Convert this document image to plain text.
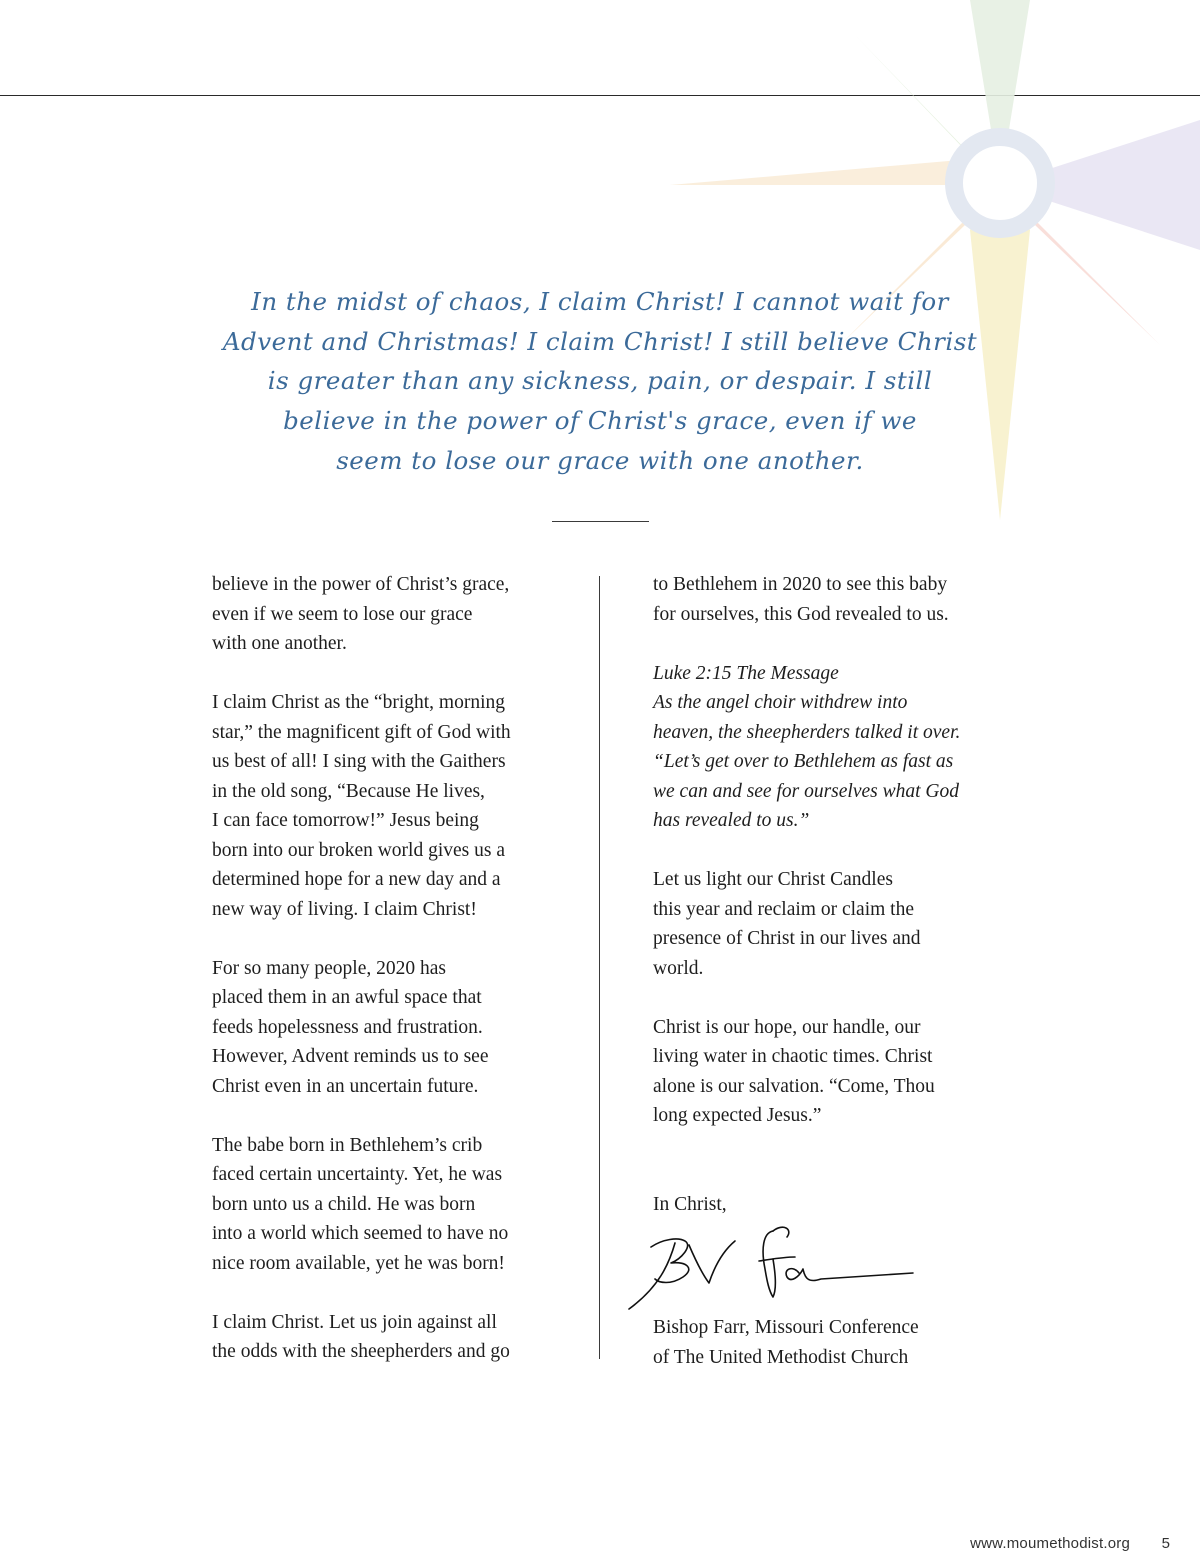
In the midst of chaos, I claim Christ! I cannot wait for
Advent and Christmas! I claim Christ! I still believe Christ
is greater than any sickness, pain, or despair. I still
believe in the power of Christ's grace, even if we
seem to lose our grace with one another.
believe in the power of Christ’s grace,
even if we seem to lose our grace
with one another.
I claim Christ as the “bright, morning
star,” the magnificent gift of God with
us best of all! I sing with the Gaithers
in the old song, “Because He lives,
I can face tomorrow!” Jesus being
born into our broken world gives us a
determined hope for a new day and a
new way of living. I claim Christ!
For so many people, 2020 has
placed them in an awful space that
feeds hopelessness and frustration.
However, Advent reminds us to see
Christ even in an uncertain future.
The babe born in Bethlehem’s crib
faced certain uncertainty. Yet, he was
born unto us a child. He was born
into a world which seemed to have no
nice room available, yet he was born!
I claim Christ. Let us join against all
the odds with the sheepherders and go
to Bethlehem in 2020 to see this baby
for ourselves, this God revealed to us.
Luke 2:15 The Message
As the angel choir withdrew into
heaven, the sheepherders talked it over.
“Let’s get over to Bethlehem as fast as
we can and see for ourselves what God
has revealed to us.”
Let us light our Christ Candles
this year and reclaim or claim the
presence of Christ in our lives and
world.
Christ is our hope, our handle, our
living water in chaotic times. Christ
alone is our salvation. “Come, Thou
long expected Jesus.”
In Christ,
Bishop Farr, Missouri Conference
of The United Methodist Church
www.moumethodist.org 5
